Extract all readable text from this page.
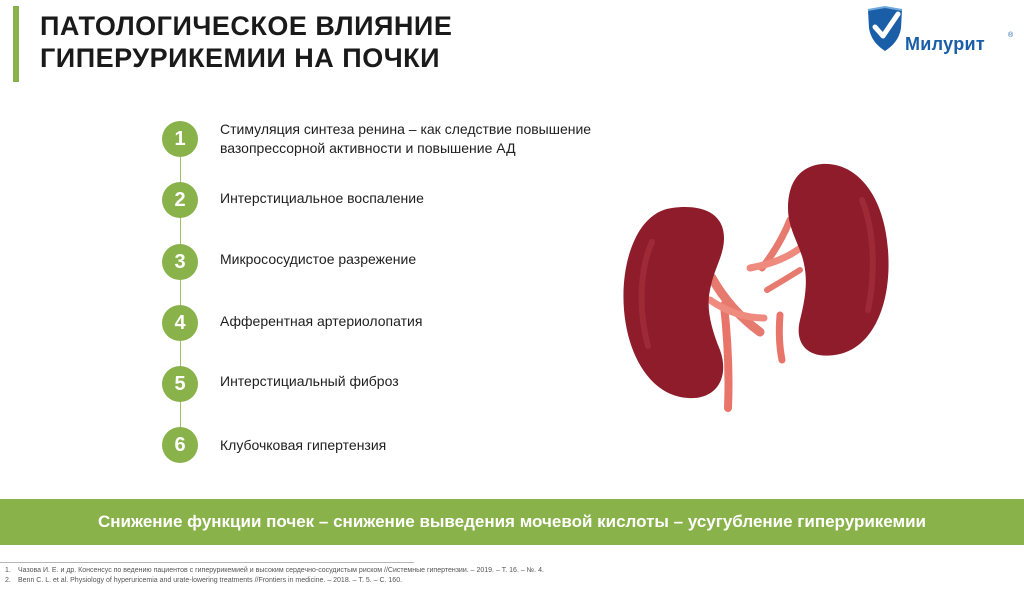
ПАТОЛОГИЧЕСКОЕ ВЛИЯНИЕ
ГИПЕРУРИКЕМИИ НА ПОЧКИ	Милурит	®
1	Стимуляция синтеза ренина – как следствие повышение вазопрессорной активности и повышение АД
2	Интерстициальное воспаление
3	Микрососудистое разрежение
4	Афферентная артериолопатия
5	Интерстициальный фиброз
6	Клубочковая гипертензия
Снижение функции почек – снижение выведения мочевой кислоты – усугубление гиперурикемии
1. Чазова И. Е. и др. Консенсус по ведению пациентов с гиперурикемией и высоким сердечно-сосудистым риском //Системные гипертензии. – 2019. – Т. 16. – №. 4.
2. Benn C. L. et al. Physiology of hyperuricemia and urate-lowering treatments //Frontiers in medicine. – 2018. – Т. 5. – С. 160.
